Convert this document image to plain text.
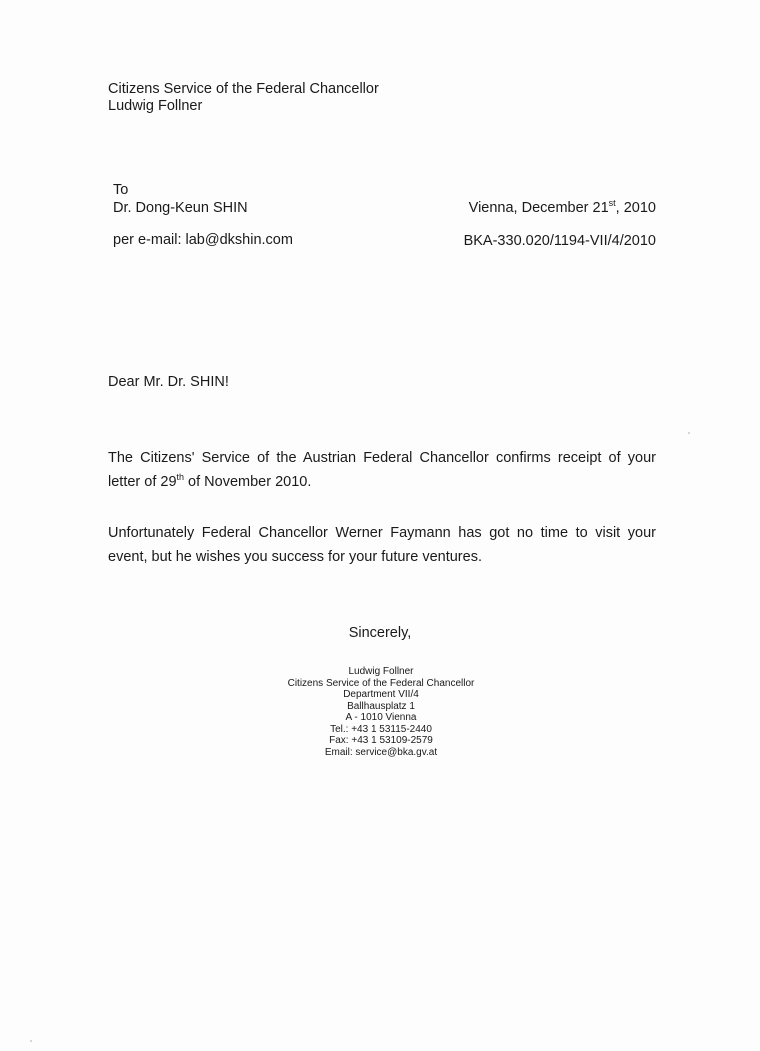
Citizens Service of the Federal Chancellor
Ludwig Follner
To
Dr. Dong-Keun SHIN
per e-mail: lab@dkshin.com
Vienna, December 21st, 2010
BKA-330.020/1194-VII/4/2010
Dear Mr. Dr. SHIN!
The Citizens' Service of the Austrian Federal Chancellor confirms receipt of your letter of 29th of November 2010.
Unfortunately Federal Chancellor Werner Faymann has got no time to visit your event, but he wishes you success for your future ventures.
Sincerely,
Ludwig Follner
Citizens Service of the Federal Chancellor
Department VII/4
Ballhausplatz 1
A - 1010 Vienna
Tel.: +43 1 53115-2440
Fax: +43 1 53109-2579
Email: service@bka.gv.at
